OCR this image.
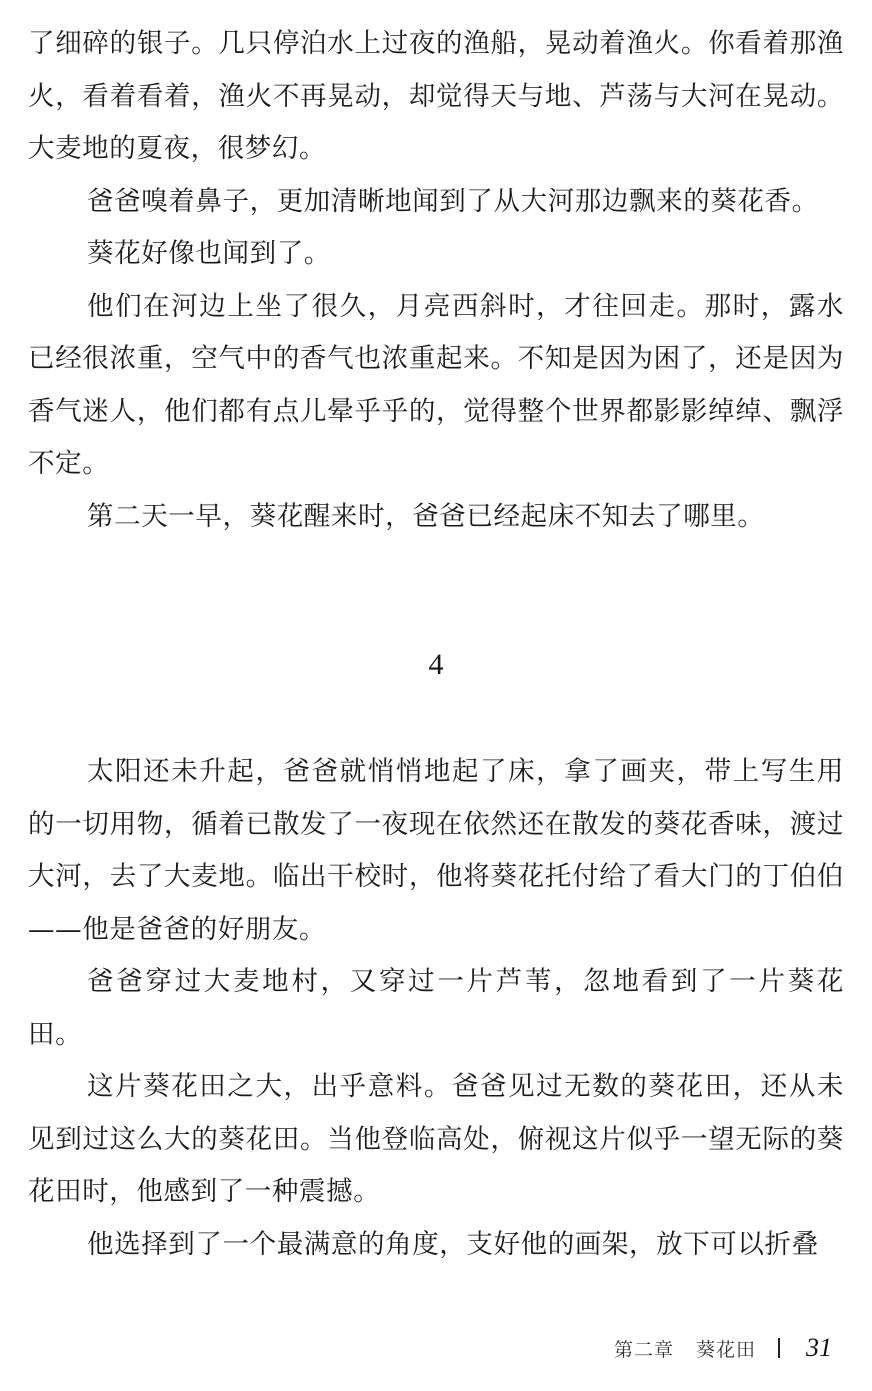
了细碎的银子。几只停泊水上过夜的渔船，晃动着渔火。你看着那渔火，看着看着，渔火不再晃动，却觉得天与地、芦荡与大河在晃动。大麦地的夏夜，很梦幻。

爸爸嗅着鼻子，更加清晰地闻到了从大河那边飘来的葵花香。

葵花好像也闻到了。

他们在河边上坐了很久，月亮西斜时，才往回走。那时，露水已经很浓重，空气中的香气也浓重起来。不知是因为困了，还是因为香气迷人，他们都有点儿晕乎乎的，觉得整个世界都影影绰绰、飘浮不定。

第二天一早，葵花醒来时，爸爸已经起床不知去了哪里。

4

太阳还未升起，爸爸就悄悄地起了床，拿了画夹，带上写生用的一切用物，循着已散发了一夜现在依然还在散发的葵花香味，渡过大河，去了大麦地。临出干校时，他将葵花托付给了看大门的丁伯伯——他是爸爸的好朋友。

爸爸穿过大麦地村，又穿过一片芦苇，忽地看到了一片葵花田。

这片葵花田之大，出乎意料。爸爸见过无数的葵花田，还从未见到过这么大的葵花田。当他登临高处，俯视这片似乎一望无际的葵花田时，他感到了一种震撼。

他选择到了一个最满意的角度，支好他的画架，放下可以折叠

第二章 葵花田 31
